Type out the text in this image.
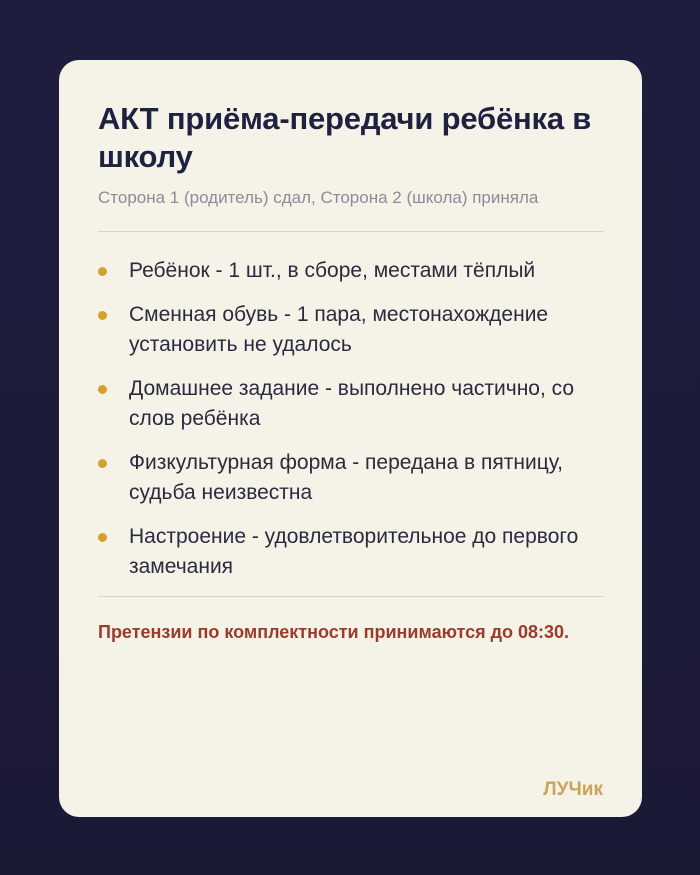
АКТ приёма-передачи ребёнка в школу

Сторона 1 (родитель) сдал, Сторона 2 (школа) приняла

Ребёнок - 1 шт., в сборе, местами тёплый
Сменная обувь - 1 пара, местонахождение установить не удалось
Домашнее задание - выполнено частично, со слов ребёнка
Физкультурная форма - передана в пятницу, судьба неизвестна
Настроение - удовлетворительное до первого замечания

Претензии по комплектности принимаются до 08:30.

ЛУЧик
